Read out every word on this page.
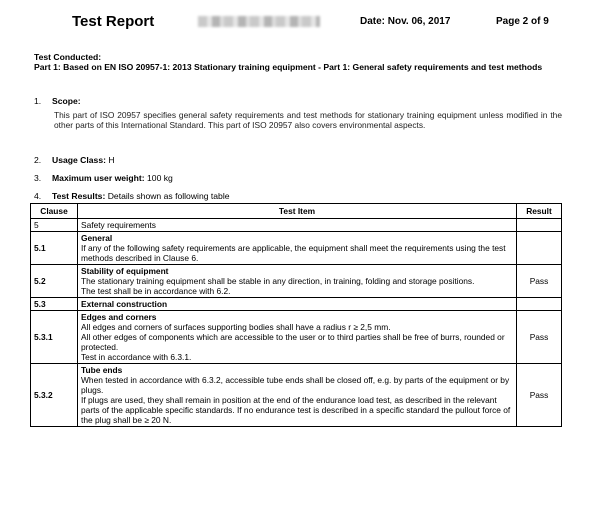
Test Report	Date: Nov. 06, 2017	Page 2 of 9
Test Conducted:
Part 1: Based on EN ISO 20957-1: 2013 Stationary training equipment - Part 1: General safety requirements and test methods
1. Scope:
This part of ISO 20957 specifies general safety requirements and test methods for stationary training equipment unless modified in the other parts of this International Standard. This part of ISO 20957 also covers environmental aspects.
2. Usage Class: H
3. Maximum user weight: 100 kg
4. Test Results: Details shown as following table
Clause	Test Item	Result
5	Safety requirements	

5.1	General
If any of the following safety requirements are applicable, the equipment shall meet the requirements using the test methods described in Clause 6.	

5.2	Stability of equipment
The stationary training equipment shall be stable in any direction, in training, folding and storage positions.
The test shall be in accordance with 6.2.	Pass
5.3	External construction	

5.3.1	Edges and corners
All edges and corners of surfaces supporting bodies shall have a radius r ≥ 2,5 mm.
All other edges of components which are accessible to the user or to third parties shall be free of burrs, rounded or protected.
Test in accordance with 6.3.1.	Pass
5.3.2	Tube ends
When tested in accordance with 6.3.2, accessible tube ends shall be closed off, e.g. by parts of the equipment or by plugs.
If plugs are used, they shall remain in position at the end of the endurance load test, as described in the relevant parts of the applicable specific standards. If no endurance test is described in a specific standard the pullout force of the plug shall be ≥ 20 N.	Pass
